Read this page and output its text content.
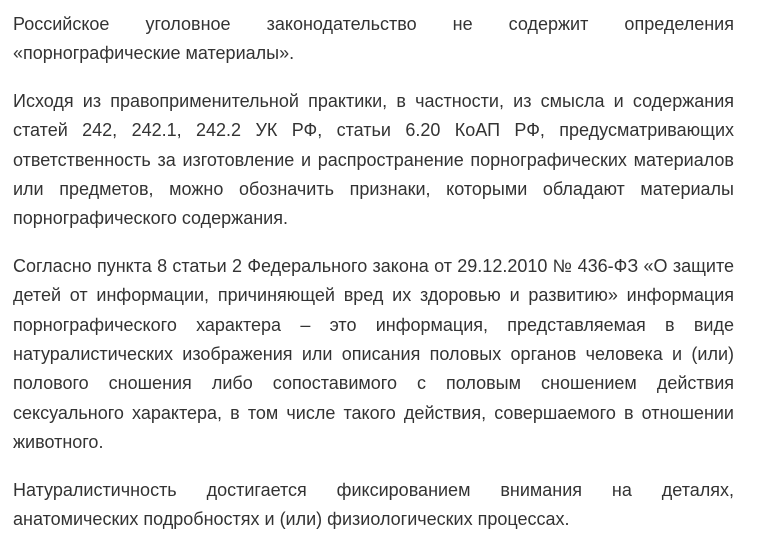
Российское уголовное законодательство не содержит определения «порнографические материалы».

Исходя из правоприменительной практики, в частности, из смысла и содержания статей 242, 242.1, 242.2 УК РФ, статьи 6.20 КоАП РФ, предусматривающих ответственность за изготовление и распространение порнографических материалов или предметов, можно обозначить признаки, которыми обладают материалы порнографического содержания.

Согласно пункта 8 статьи 2 Федерального закона от 29.12.2010 № 436-ФЗ «О защите детей от информации, причиняющей вред их здоровью и развитию» информация порнографического характера – это информация, представляемая в виде натуралистических изображения или описания половых органов человека и (или) полового сношения либо сопоставимого с половым сношением действия сексуального характера, в том числе такого действия, совершаемого в отношении животного.

Натуралистичность достигается фиксированием внимания на деталях, анатомических подробностях и (или) физиологических процессах.
